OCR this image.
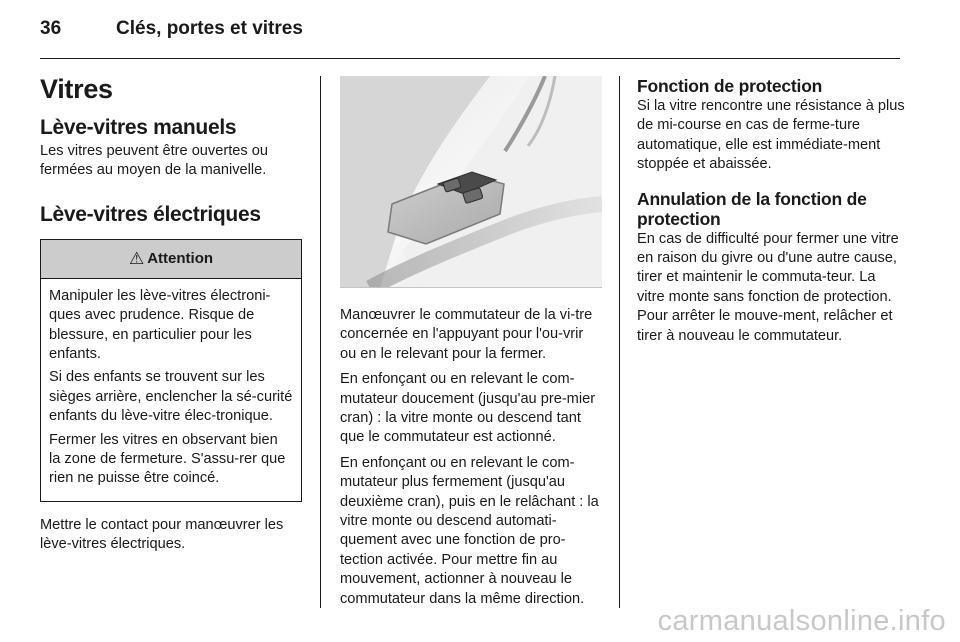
36	Clés, portes et vitres
Vitres
Lève-vitres manuels

Les vitres peuvent être ouvertes ou fermées au moyen de la manivelle.

Lève-vitres électriques
⚠ Attention

Manipuler les lève-vitres électroni-ques avec prudence. Risque de blessure, en particulier pour les enfants.

Si des enfants se trouvent sur les sièges arrière, enclencher la sé-curité enfants du lève-vitre élec-tronique.

Fermer les vitres en observant bien la zone de fermeture. S'assu-rer que rien ne puisse être coincé.

Mettre le contact pour manœuvrer les lève-vitres électriques.

Manœuvrer le commutateur de la vi-tre concernée en l'appuyant pour l'ou-vrir ou en le relevant pour la fermer.

En enfonçant ou en relevant le com-mutateur doucement (jusqu'au pre-mier cran) : la vitre monte ou descend tant que le commutateur est actionné.

En enfonçant ou en relevant le com-mutateur plus fermement (jusqu'au deuxième cran), puis en le relâchant : la vitre monte ou descend automati-quement avec une fonction de pro-tection activée. Pour mettre fin au mouvement, actionner à nouveau le commutateur dans la même direction.

Fonction de protection

Si la vitre rencontre une résistance à plus de mi-course en cas de ferme-ture automatique, elle est immédiate-ment stoppée et abaissée.

Annulation de la fonction de protection

En cas de difficulté pour fermer une vitre en raison du givre ou d'une autre cause, tirer et maintenir le commuta-teur. La vitre monte sans fonction de protection. Pour arrêter le mouve-ment, relâcher et tirer à nouveau le commutateur.

carmanualsonline.info
